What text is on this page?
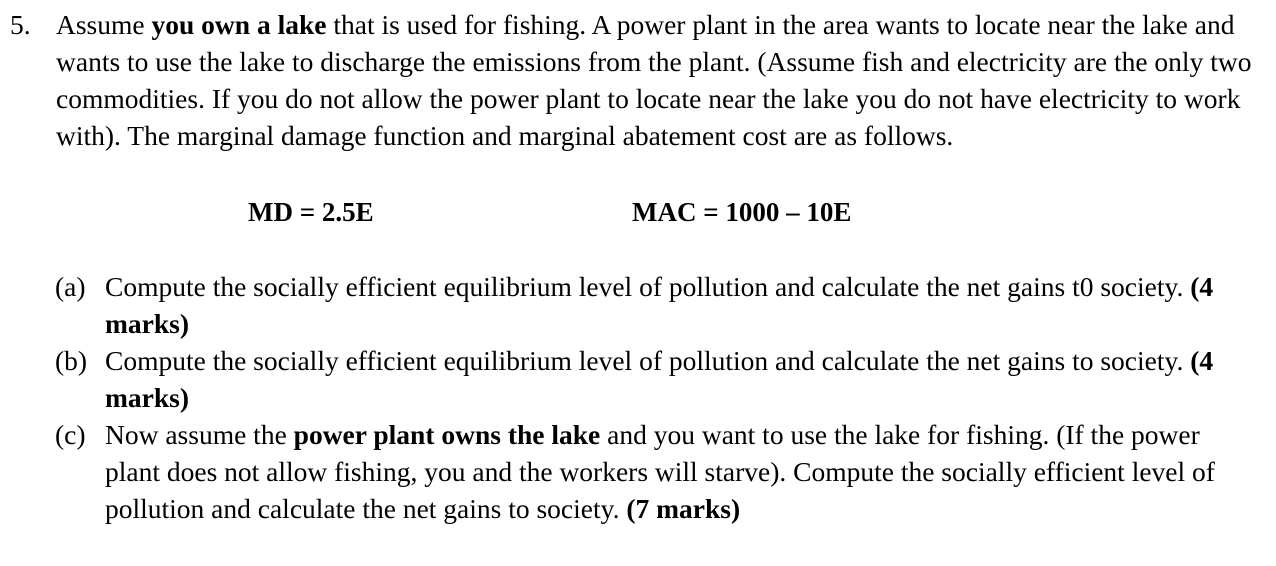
5. Assume you own a lake that is used for fishing. A power plant in the area wants to locate near the lake and wants to use the lake to discharge the emissions from the plant. (Assume fish and electricity are the only two commodities. If you do not allow the power plant to locate near the lake you do not have electricity to work with). The marginal damage function and marginal abatement cost are as follows.
MD = 2.5E	MAC = 1000 – 10E
(a) Compute the socially efficient equilibrium level of pollution and calculate the net gains t0 society. (4 marks)
(b) Compute the socially efficient equilibrium level of pollution and calculate the net gains to society. (4 marks)
(c) Now assume the power plant owns the lake and you want to use the lake for fishing. (If the power plant does not allow fishing, you and the workers will starve). Compute the socially efficient level of pollution and calculate the net gains to society. (7 marks)
